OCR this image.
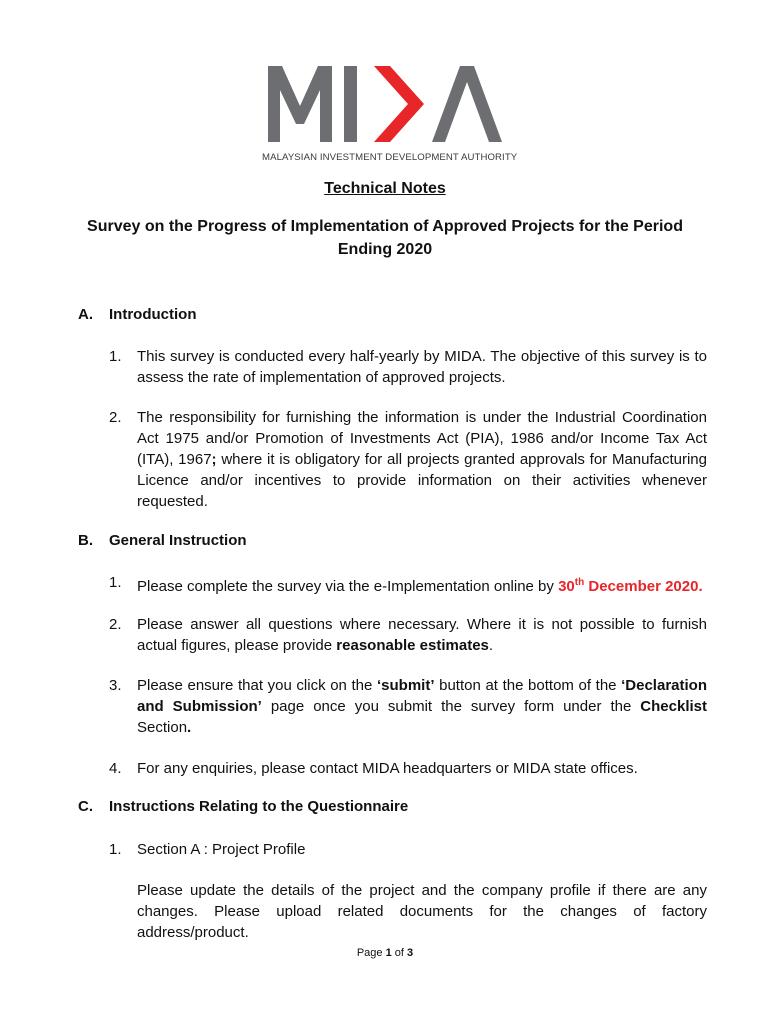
MALAYSIAN INVESTMENT DEVELOPMENT AUTHORITY
Technical Notes
Survey on the Progress of Implementation of Approved Projects for the Period Ending 2020
A. Introduction
1.	This survey is conducted every half-yearly by MIDA. The objective of this survey is to assess the rate of implementation of approved projects.
2.	The responsibility for furnishing the information is under the Industrial Coordination Act 1975 and/or Promotion of Investments Act (PIA), 1986 and/or Income Tax Act (ITA), 1967; where it is obligatory for all projects granted approvals for Manufacturing Licence and/or incentives to provide information on their activities whenever requested.
B. General Instruction
1.	Please complete the survey via the e-Implementation online by 30th December 2020.
2.	Please answer all questions where necessary. Where it is not possible to furnish actual figures, please provide reasonable estimates.
3.	Please ensure that you click on the ‘submit’ button at the bottom of the ‘Declaration and Submission’ page once you submit the survey form under the Checklist Section.
4.	For any enquiries, please contact MIDA headquarters or MIDA state offices.
C. Instructions Relating to the Questionnaire
1.	Section A : Project Profile
Please update the details of the project and the company profile if there are any changes. Please upload related documents for the changes of factory address/product.
Page 1 of 3
